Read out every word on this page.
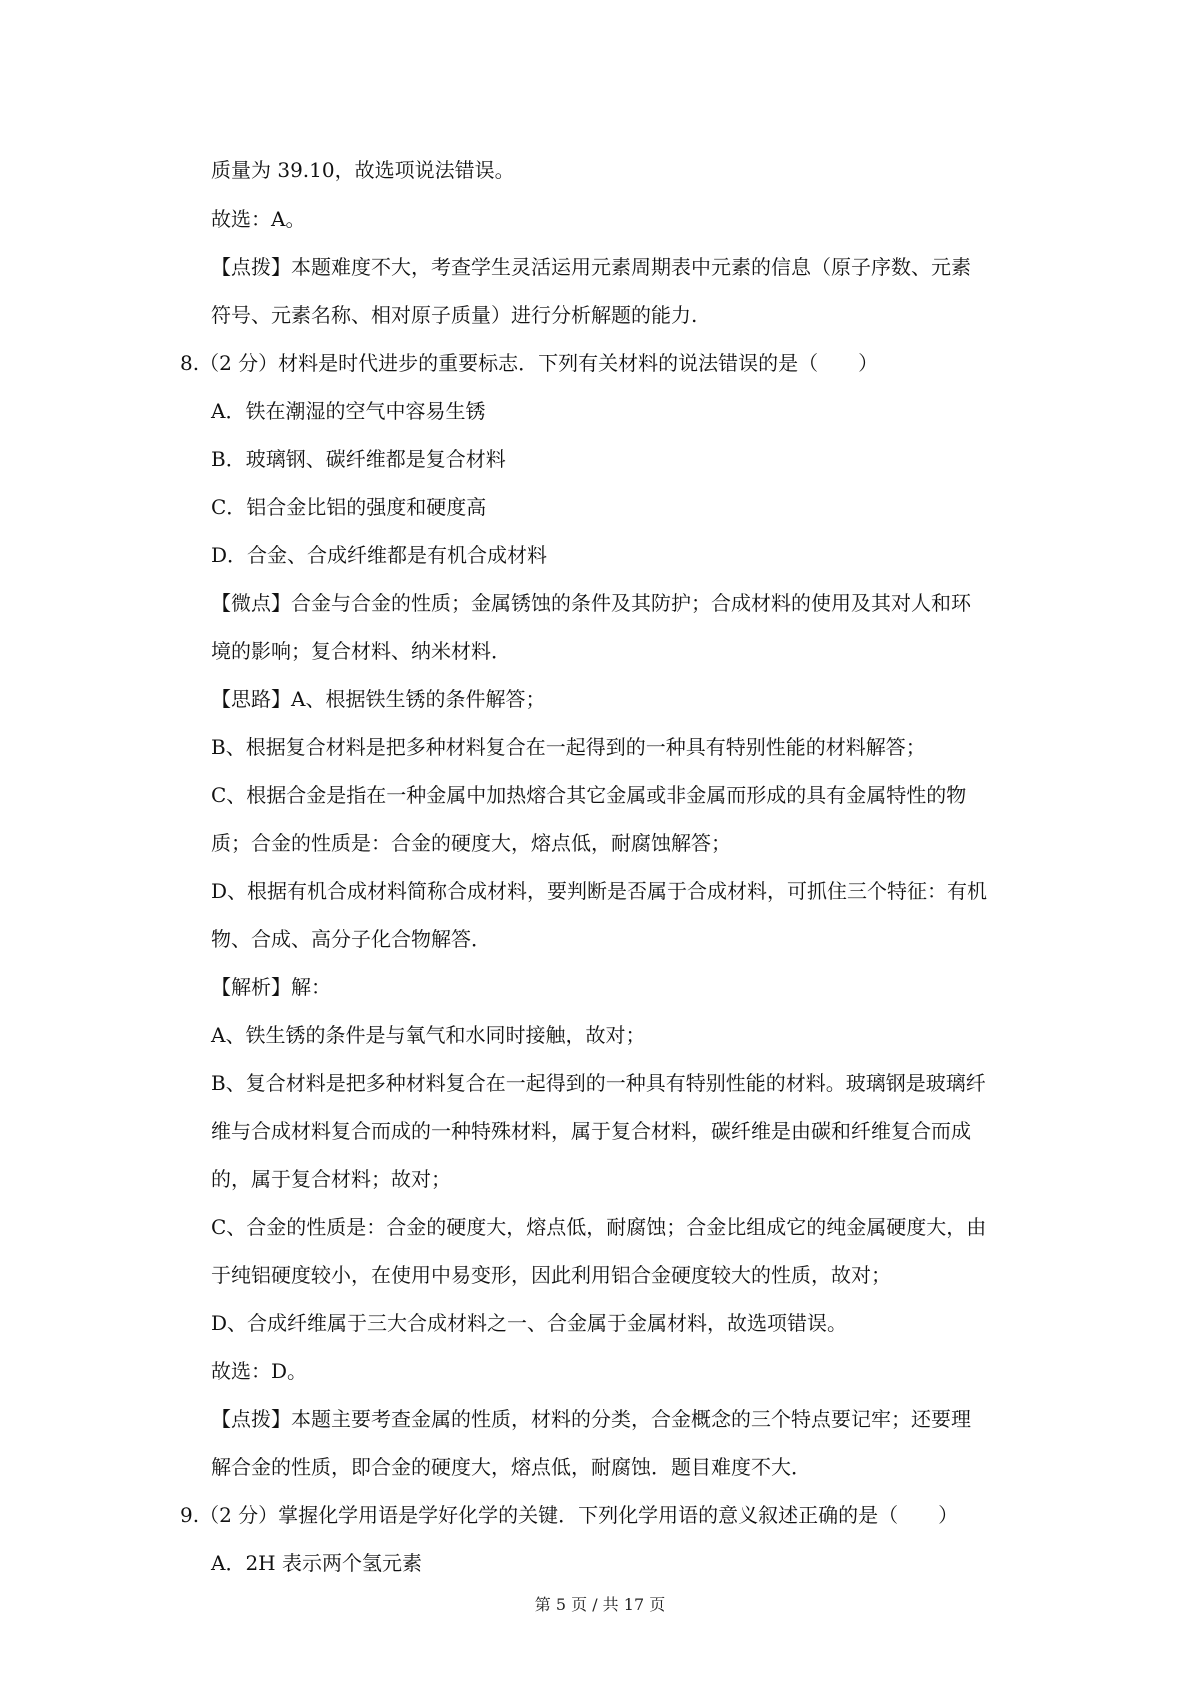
质量为 39.10，故选项说法错误。
故选：A。
【点拨】本题难度不大，考查学生灵活运用元素周期表中元素的信息（原子序数、元素
符号、元素名称、相对原子质量）进行分析解题的能力.
8.（2 分）材料是时代进步的重要标志．下列有关材料的说法错误的是（　　）
A．铁在潮湿的空气中容易生锈
B．玻璃钢、碳纤维都是复合材料
C．铝合金比铝的强度和硬度高
D．合金、合成纤维都是有机合成材料
【微点】合金与合金的性质；金属锈蚀的条件及其防护；合成材料的使用及其对人和环
境的影响；复合材料、纳米材料．
【思路】A、根据铁生锈的条件解答；
B、根据复合材料是把多种材料复合在一起得到的一种具有特别性能的材料解答；
C、根据合金是指在一种金属中加热熔合其它金属或非金属而形成的具有金属特性的物
质；合金的性质是：合金的硬度大，熔点低，耐腐蚀解答；
D、根据有机合成材料简称合成材料，要判断是否属于合成材料，可抓住三个特征：有机
物、合成、高分子化合物解答．
【解析】解：
A、铁生锈的条件是与氧气和水同时接触，故对；
B、复合材料是把多种材料复合在一起得到的一种具有特别性能的材料。玻璃钢是玻璃纤
维与合成材料复合而成的一种特殊材料，属于复合材料，碳纤维是由碳和纤维复合而成
的，属于复合材料；故对；
C、合金的性质是：合金的硬度大，熔点低，耐腐蚀；合金比组成它的纯金属硬度大，由
于纯铝硬度较小，在使用中易变形，因此利用铝合金硬度较大的性质，故对；
D、合成纤维属于三大合成材料之一、合金属于金属材料，故选项错误。
故选：D。
【点拨】本题主要考查金属的性质，材料的分类，合金概念的三个特点要记牢；还要理
解合金的性质，即合金的硬度大，熔点低，耐腐蚀．题目难度不大．
9.（2 分）掌握化学用语是学好化学的关键．下列化学用语的意义叙述正确的是（　　）
A．2H 表示两个氢元素
第 5 页 / 共 17 页
